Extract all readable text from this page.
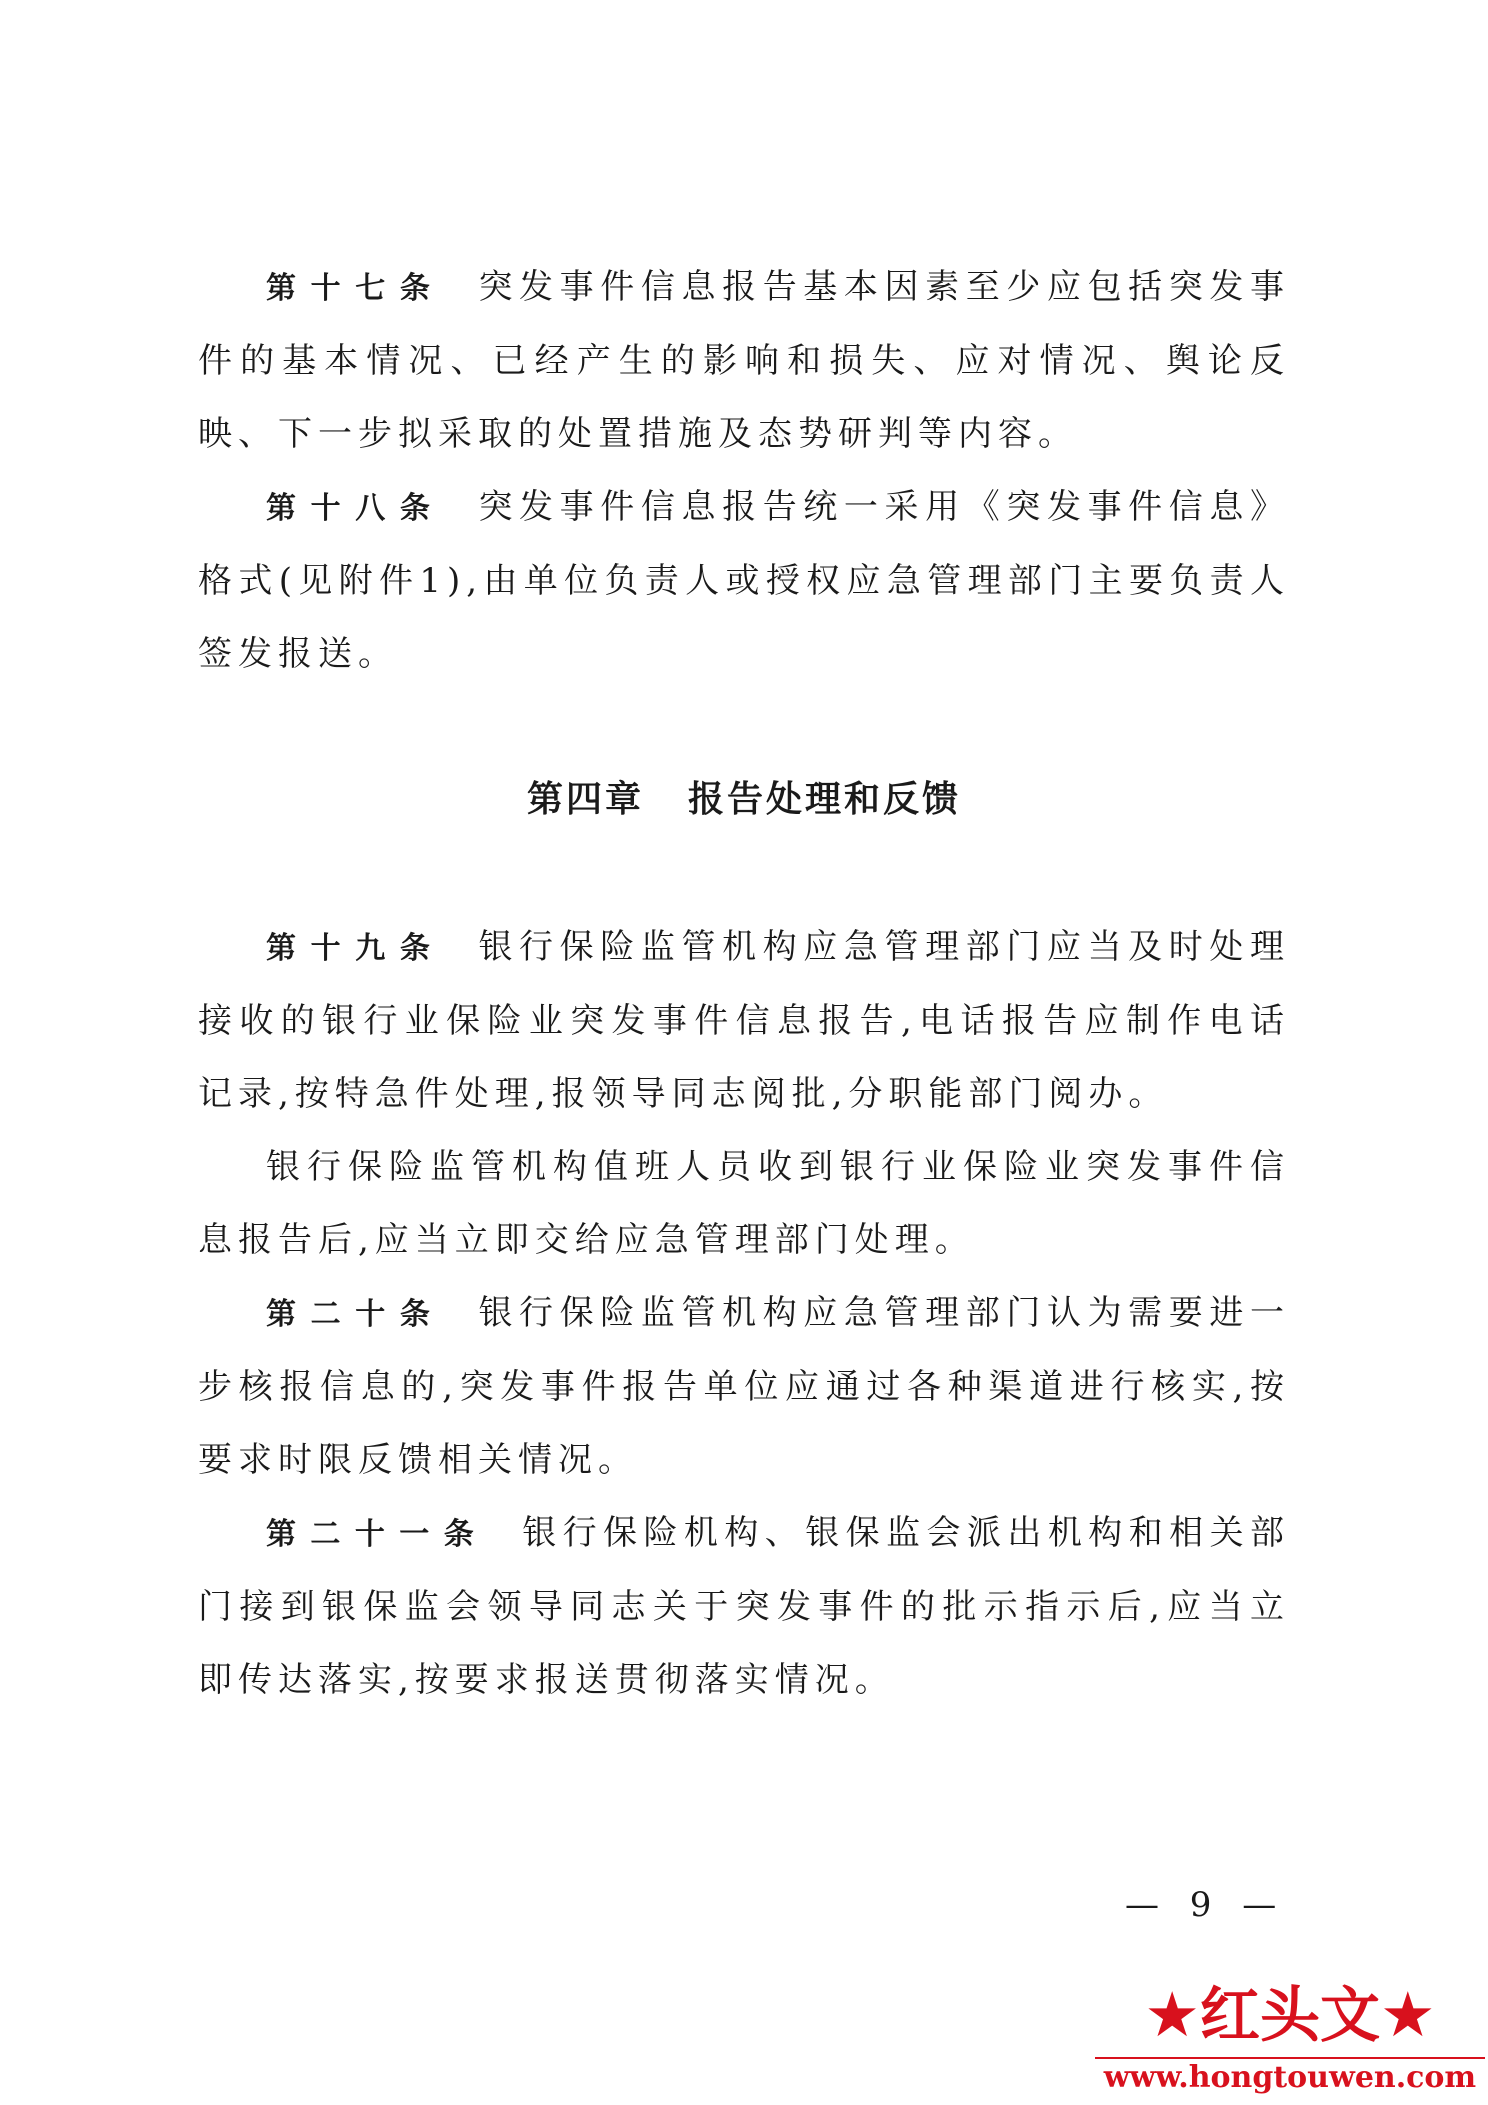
第十七条 突发事件信息报告基本因素至少应包括突发事件的基本情况、已经产生的影响和损失、应对情况、舆论反映、下一步拟采取的处置措施及态势研判等内容。

第十八条 突发事件信息报告统一采用《突发事件信息》格式(见附件1),由单位负责人或授权应急管理部门主要负责人签发报送。

第四章 报告处理和反馈

第十九条 银行保险监管机构应急管理部门应当及时处理接收的银行业保险业突发事件信息报告,电话报告应制作电话记录,按特急件处理,报领导同志阅批,分职能部门阅办。

银行保险监管机构值班人员收到银行业保险业突发事件信息报告后,应当立即交给应急管理部门处理。

第二十条 银行保险监管机构应急管理部门认为需要进一步核报信息的,突发事件报告单位应通过各种渠道进行核实,按要求时限反馈相关情况。

第二十一条 银行保险机构、银保监会派出机构和相关部门接到银保监会领导同志关于突发事件的批示指示后,应当立即传达落实,按要求报送贯彻落实情况。

— 9 —
★红头文★
www.hongtouwen.com
